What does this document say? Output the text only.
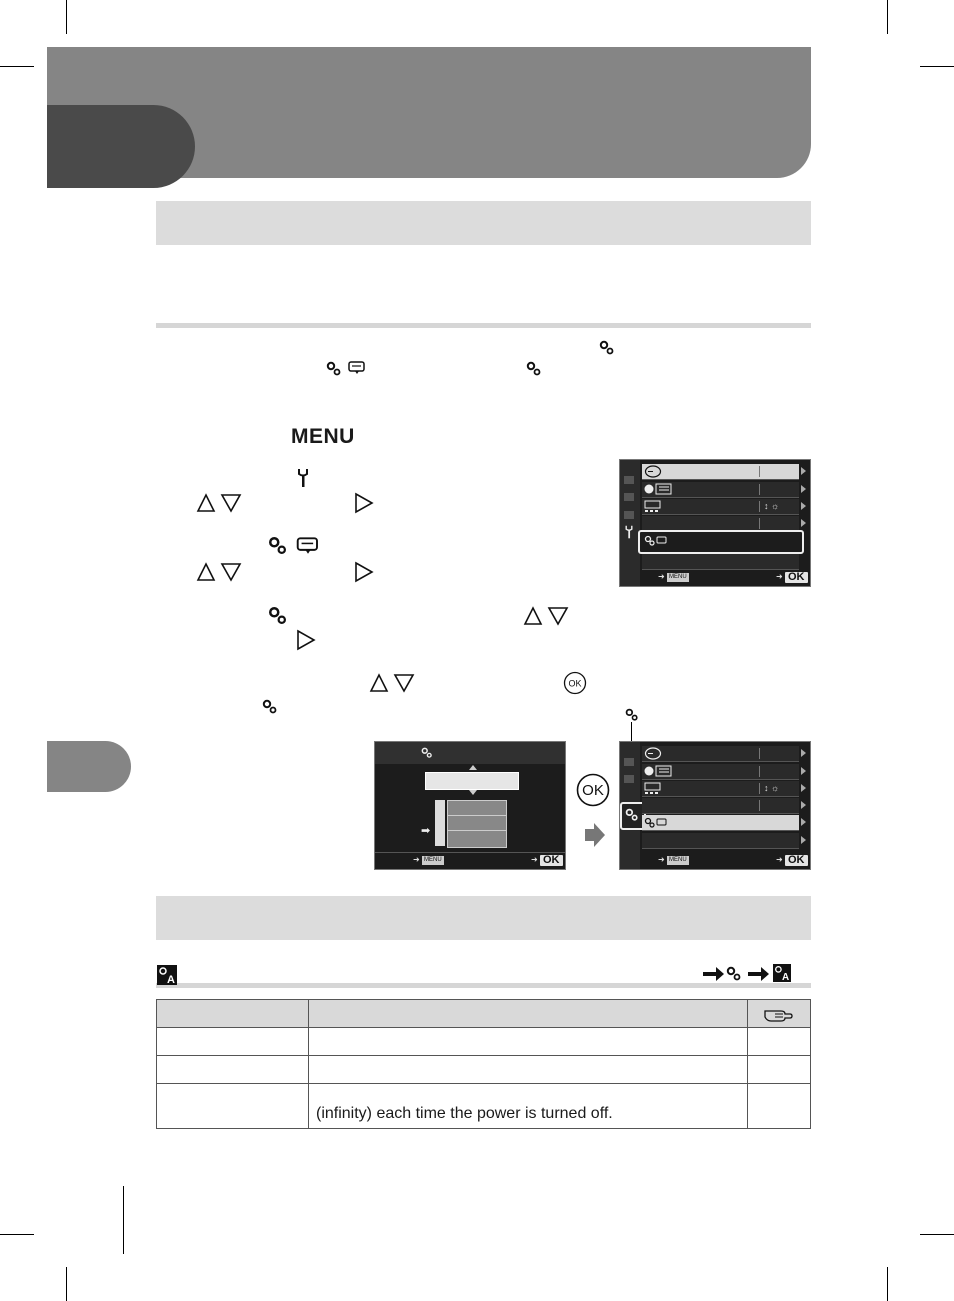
MENU
OK
↕ ☼
MENU
➜	➜ OK
➡
➜ MENU	➜ OK
OK	↕ ☼
➜ MENU	➜ OK
A	A
(infinity) each time the power is turned off.
